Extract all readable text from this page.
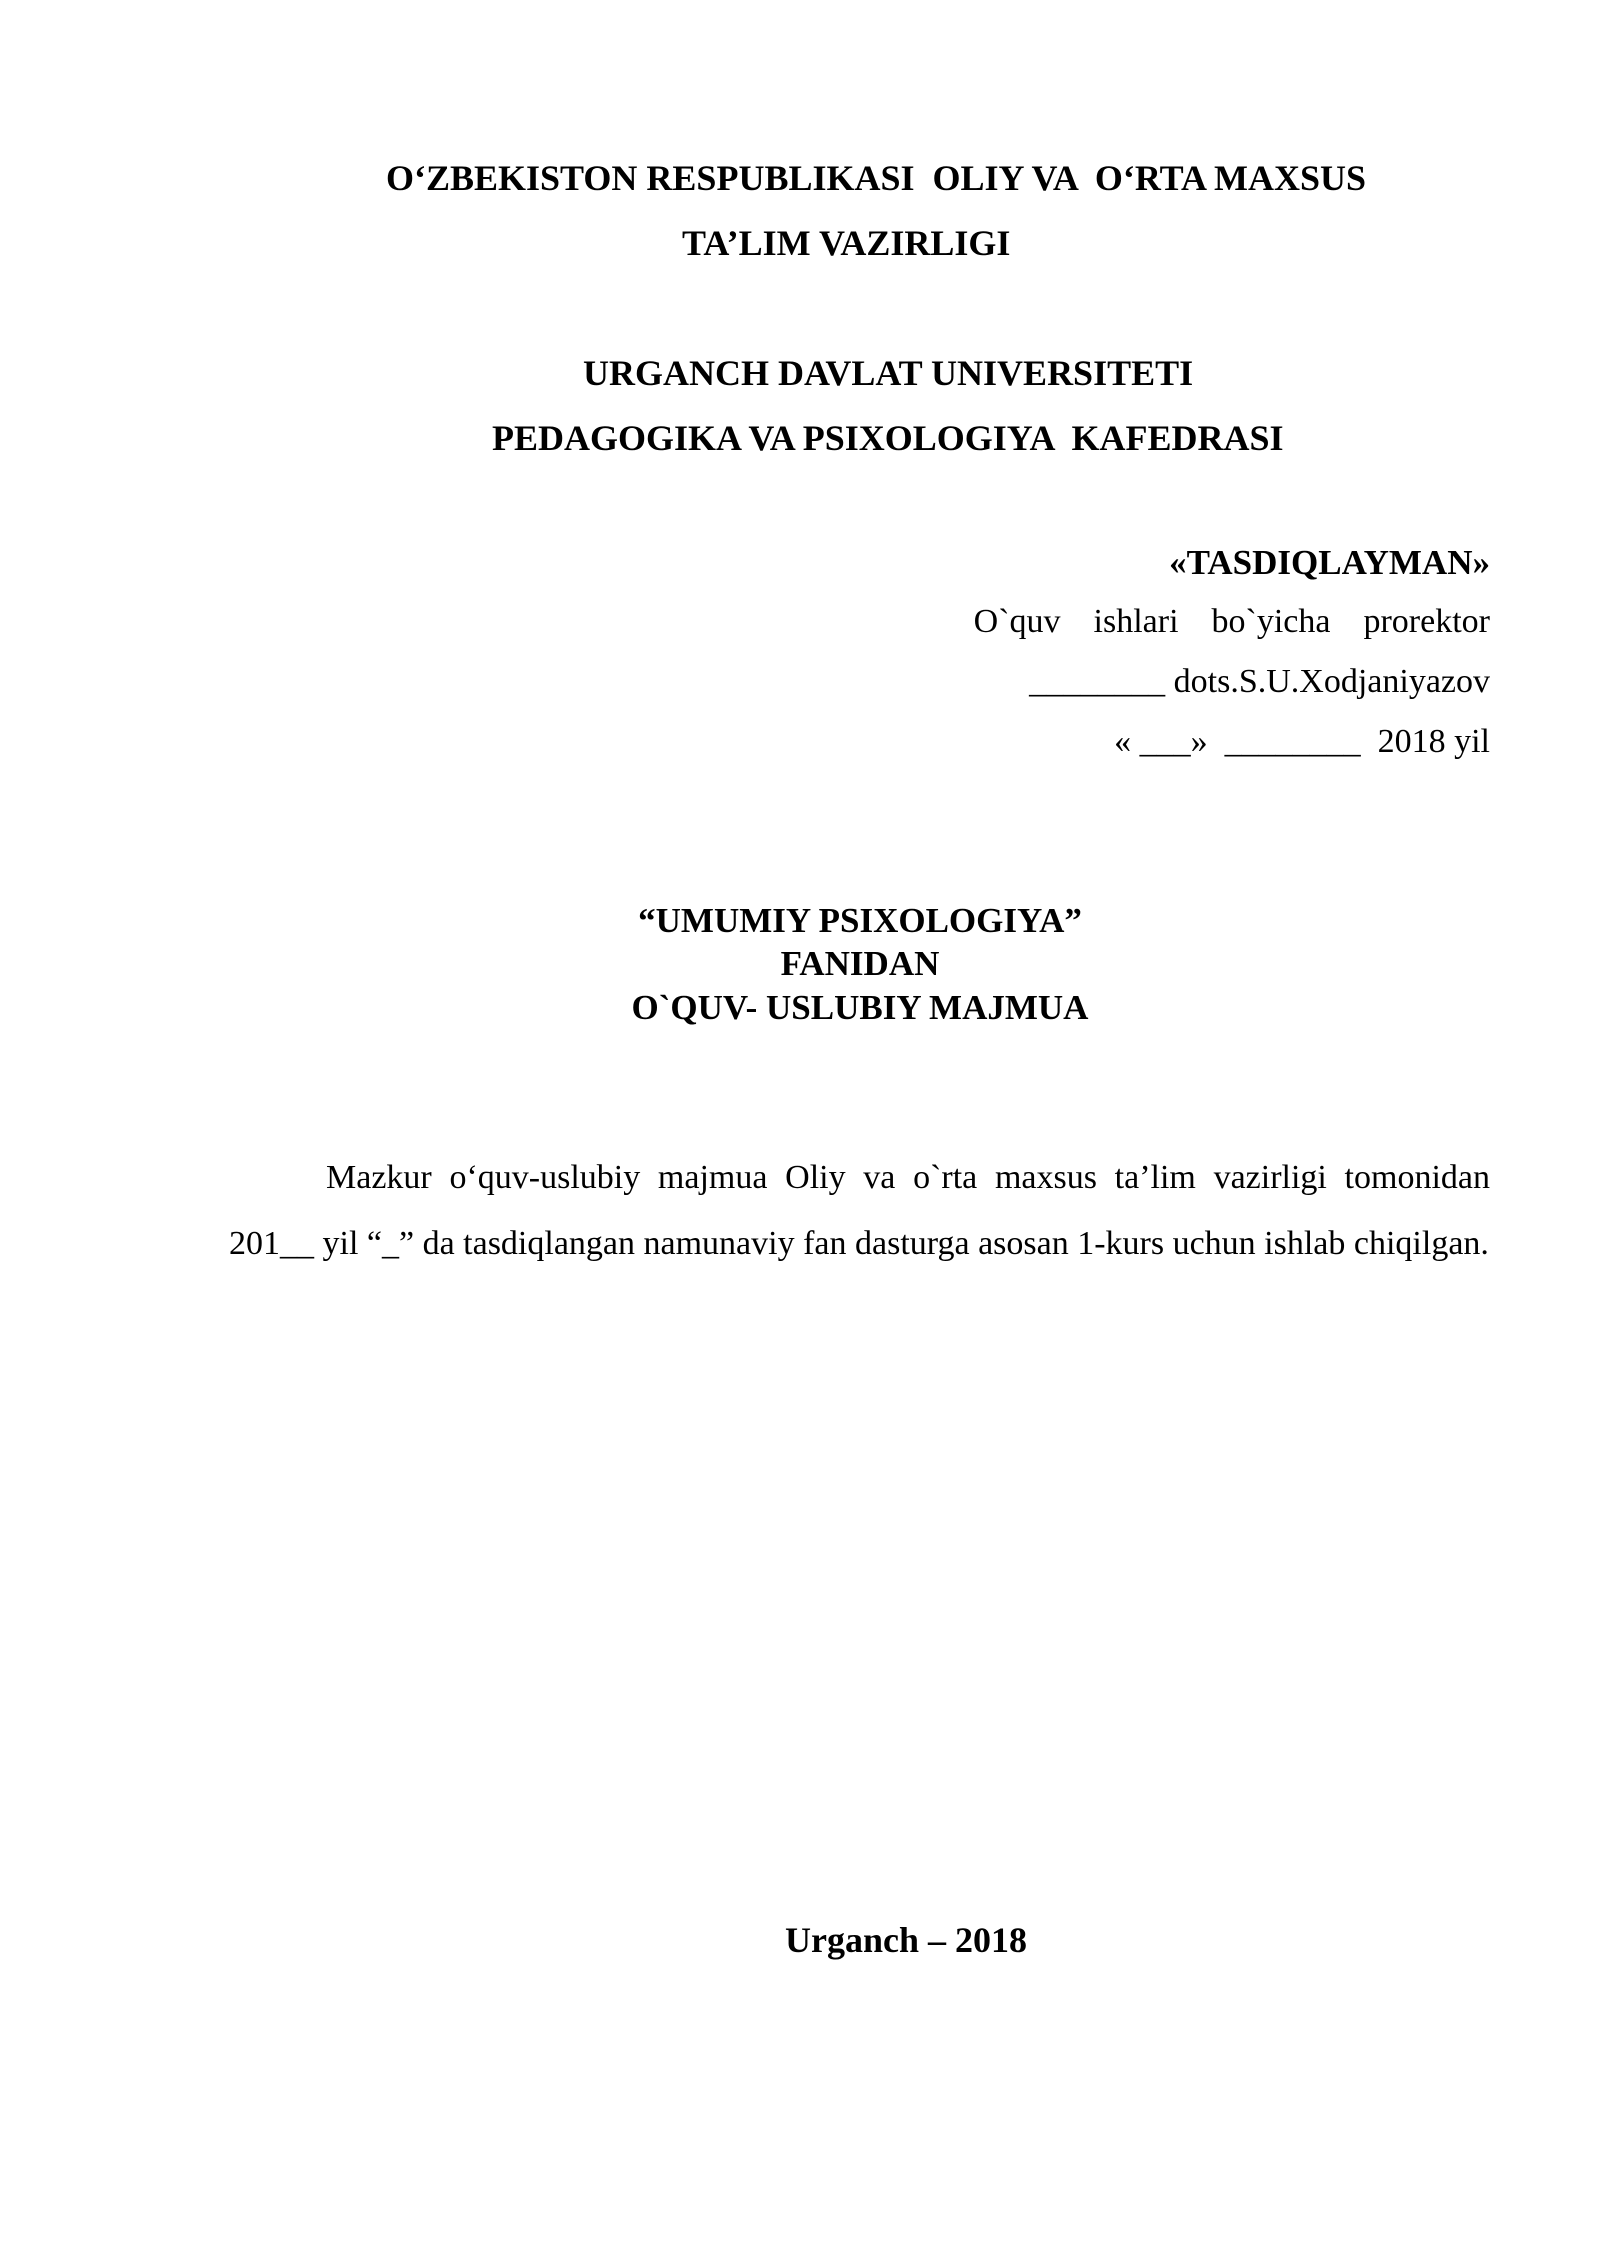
O‘ZBEKISTON RESPUBLIKASI  OLIY VA  O‘RTA MAXSUS
TA’LIM VAZIRLIGI
URGANCH DAVLAT UNIVERSITETI
PEDAGOGIKA VA PSIXOLOGIYA  KAFEDRASI
«TASDIQLAYMAN»
O`quv  ishlari  bo`yicha  prorektor
________ dots.S.U.Xodjaniyazov
« ___»  ________  2018 yil
“UMUMIY PSIXOLOGIYA”
FANIDAN
O`QUV- USLUBIY MAJMUA
Mazkur o‘quv-uslubiy majmua Oliy va o`rta maxsus ta’lim vazirligi tomonidan 201__ yil “_” da tasdiqlangan namunaviy fan dasturga asosan 1-kurs uchun ishlab chiqilgan.
Urganch – 2018
